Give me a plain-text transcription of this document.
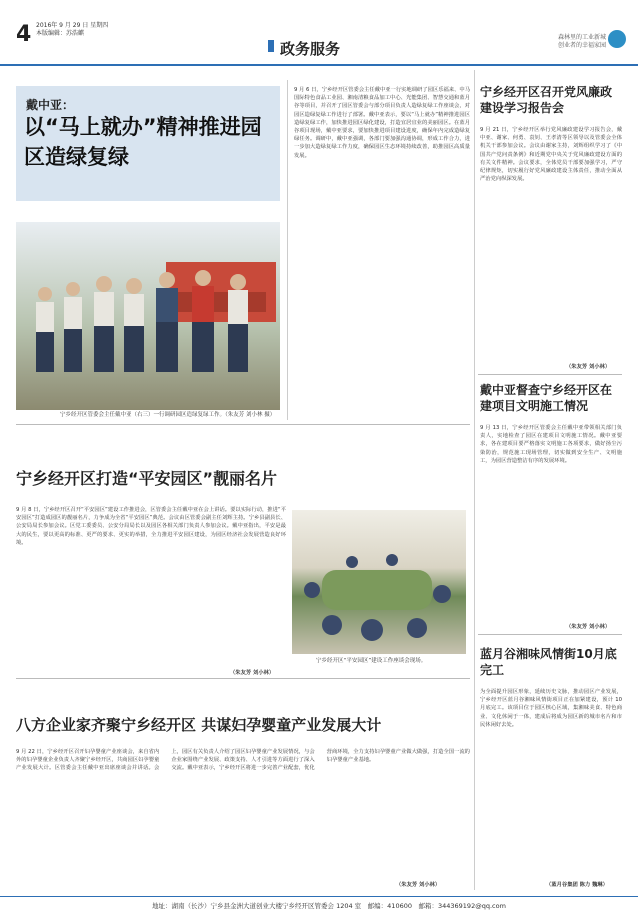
4 2016年 9 月 29 日 星期四
本版编辑：苏浩麒
政务服务
森林里的工业新城
创业者的幸福家园
戴中亚：
以“马上就办”精神推进园区造绿复绿
宁乡经开区管委会主任戴中亚（右三）一行调研园区造绿复绿工作。（朱友芳 刘小林 摄）
9 月 6 日，宁乡经开区管委会主任戴中亚一行实地调研了园区乐福来、中马国际特色食品工业园、湘南清粮食品加工中心、光能集团、智慧交通和蓝月谷等项目，并召开了园区管委会与部分项目负责人造绿复绿工作座谈会，对园区造绿复绿工作进行了部署。戴中亚表示，要以“马上就办”精神推进园区造绿复绿工作，加快推进园区绿化建设，打造宜居宜业的美丽园区。在蓝月谷项目现场，戴中亚要求，要加快推进项目建设进度，确保年内完成造绿复绿任务。调研中，戴中亚强调，各部门要加强沟通协调，形成工作合力，进一步加大造绿复绿工作力度，确保园区生态环境持续改善，助推园区高质量发展。
宁乡经开区打造“平安园区”靓丽名片
9 月 8 日，宁乡经开区召开“平安园区”建设工作推进会，区管委会主任戴中亚在会上讲话。要以实际行动，推进“平安园区”打造成园区的靓丽名片，力争成为全省“平安园区”典范。会议由区管委会副主任刘辉主持。宁乡县副县长、公安局局长参加会议。区党工委委员、公安分局局长以及园区各相关部门负责人参加会议。戴中亚指出，平安是最大的民生，要以更高的标准、更严的要求、更实的举措，全力推进平安园区建设，为园区经济社会发展营造良好环境。
宁乡经开区“平安园区”建设工作座谈会现场。
（朱友芳 刘小林）
八方企业家齐聚宁乡经开区 共谋妇孕婴童产业发展大计
9 月 22 日，宁乡经开区召开妇孕婴童产业座谈会，来自省内外的妇孕婴童企业负责人齐聚宁乡经开区，共商园区妇孕婴童产业发展大计。区管委会主任戴中亚出席座谈会并讲话。会上，园区有关负责人介绍了园区妇孕婴童产业发展情况，与会企业家围绕产业发展、政策支持、人才引进等方面进行了深入交流。戴中亚表示，宁乡经开区将进一步完善产业配套，优化营商环境，全力支持妇孕婴童产业做大做强，打造全国一流的妇孕婴童产业基地。
（朱友芳 刘小林）
宁乡经开区召开党风廉政建设学习报告会
9 月 21 日，宁乡经开区举行党风廉政建设学习报告会，戴中亚、谢家、何勇、袁钊、王孝清等区领导以及管委会全体机关干部参加会议。会议由谢家主持，刘辉组织学习了《中国共产党问责条例》和近期党中央关于党风廉政建设方面的有关文件精神。会议要求，全体党员干部要加强学习，严守纪律规矩，切实履行好党风廉政建设主体责任，推动全面从严治党向纵深发展。
（朱友芳 刘小林）
戴中亚督查宁乡经开区在建项目文明施工情况
9 月 13 日，宁乡经开区管委会主任戴中亚带领相关部门负责人，实地检查了园区在建项目文明施工情况。戴中亚要求，各在建项目要严格落实文明施工各项要求，做好扬尘污染防治，规范施工现场管理，切实做到安全生产、文明施工，为园区营造整洁有序的发展环境。
（朱友芳 刘小林）
蓝月谷湘味风情街10月底完工
为全面提升园区形象，延续历史文脉，推动园区产业发展，宁乡经开区蓝月谷湘味风情街项目正在加紧建设，预计 10 月底完工。该项目位于园区核心区域，集湘味美食、特色商业、文化休闲于一体，建成后将成为园区新的城市名片和市民休闲好去处。
（蓝月谷集团 陈力 魏琳）
地址：湖南（长沙）宁乡县金洲大道创业大楼宁乡经开区管委会 1204 室　邮编：410600　邮箱：344369192@qq.com
